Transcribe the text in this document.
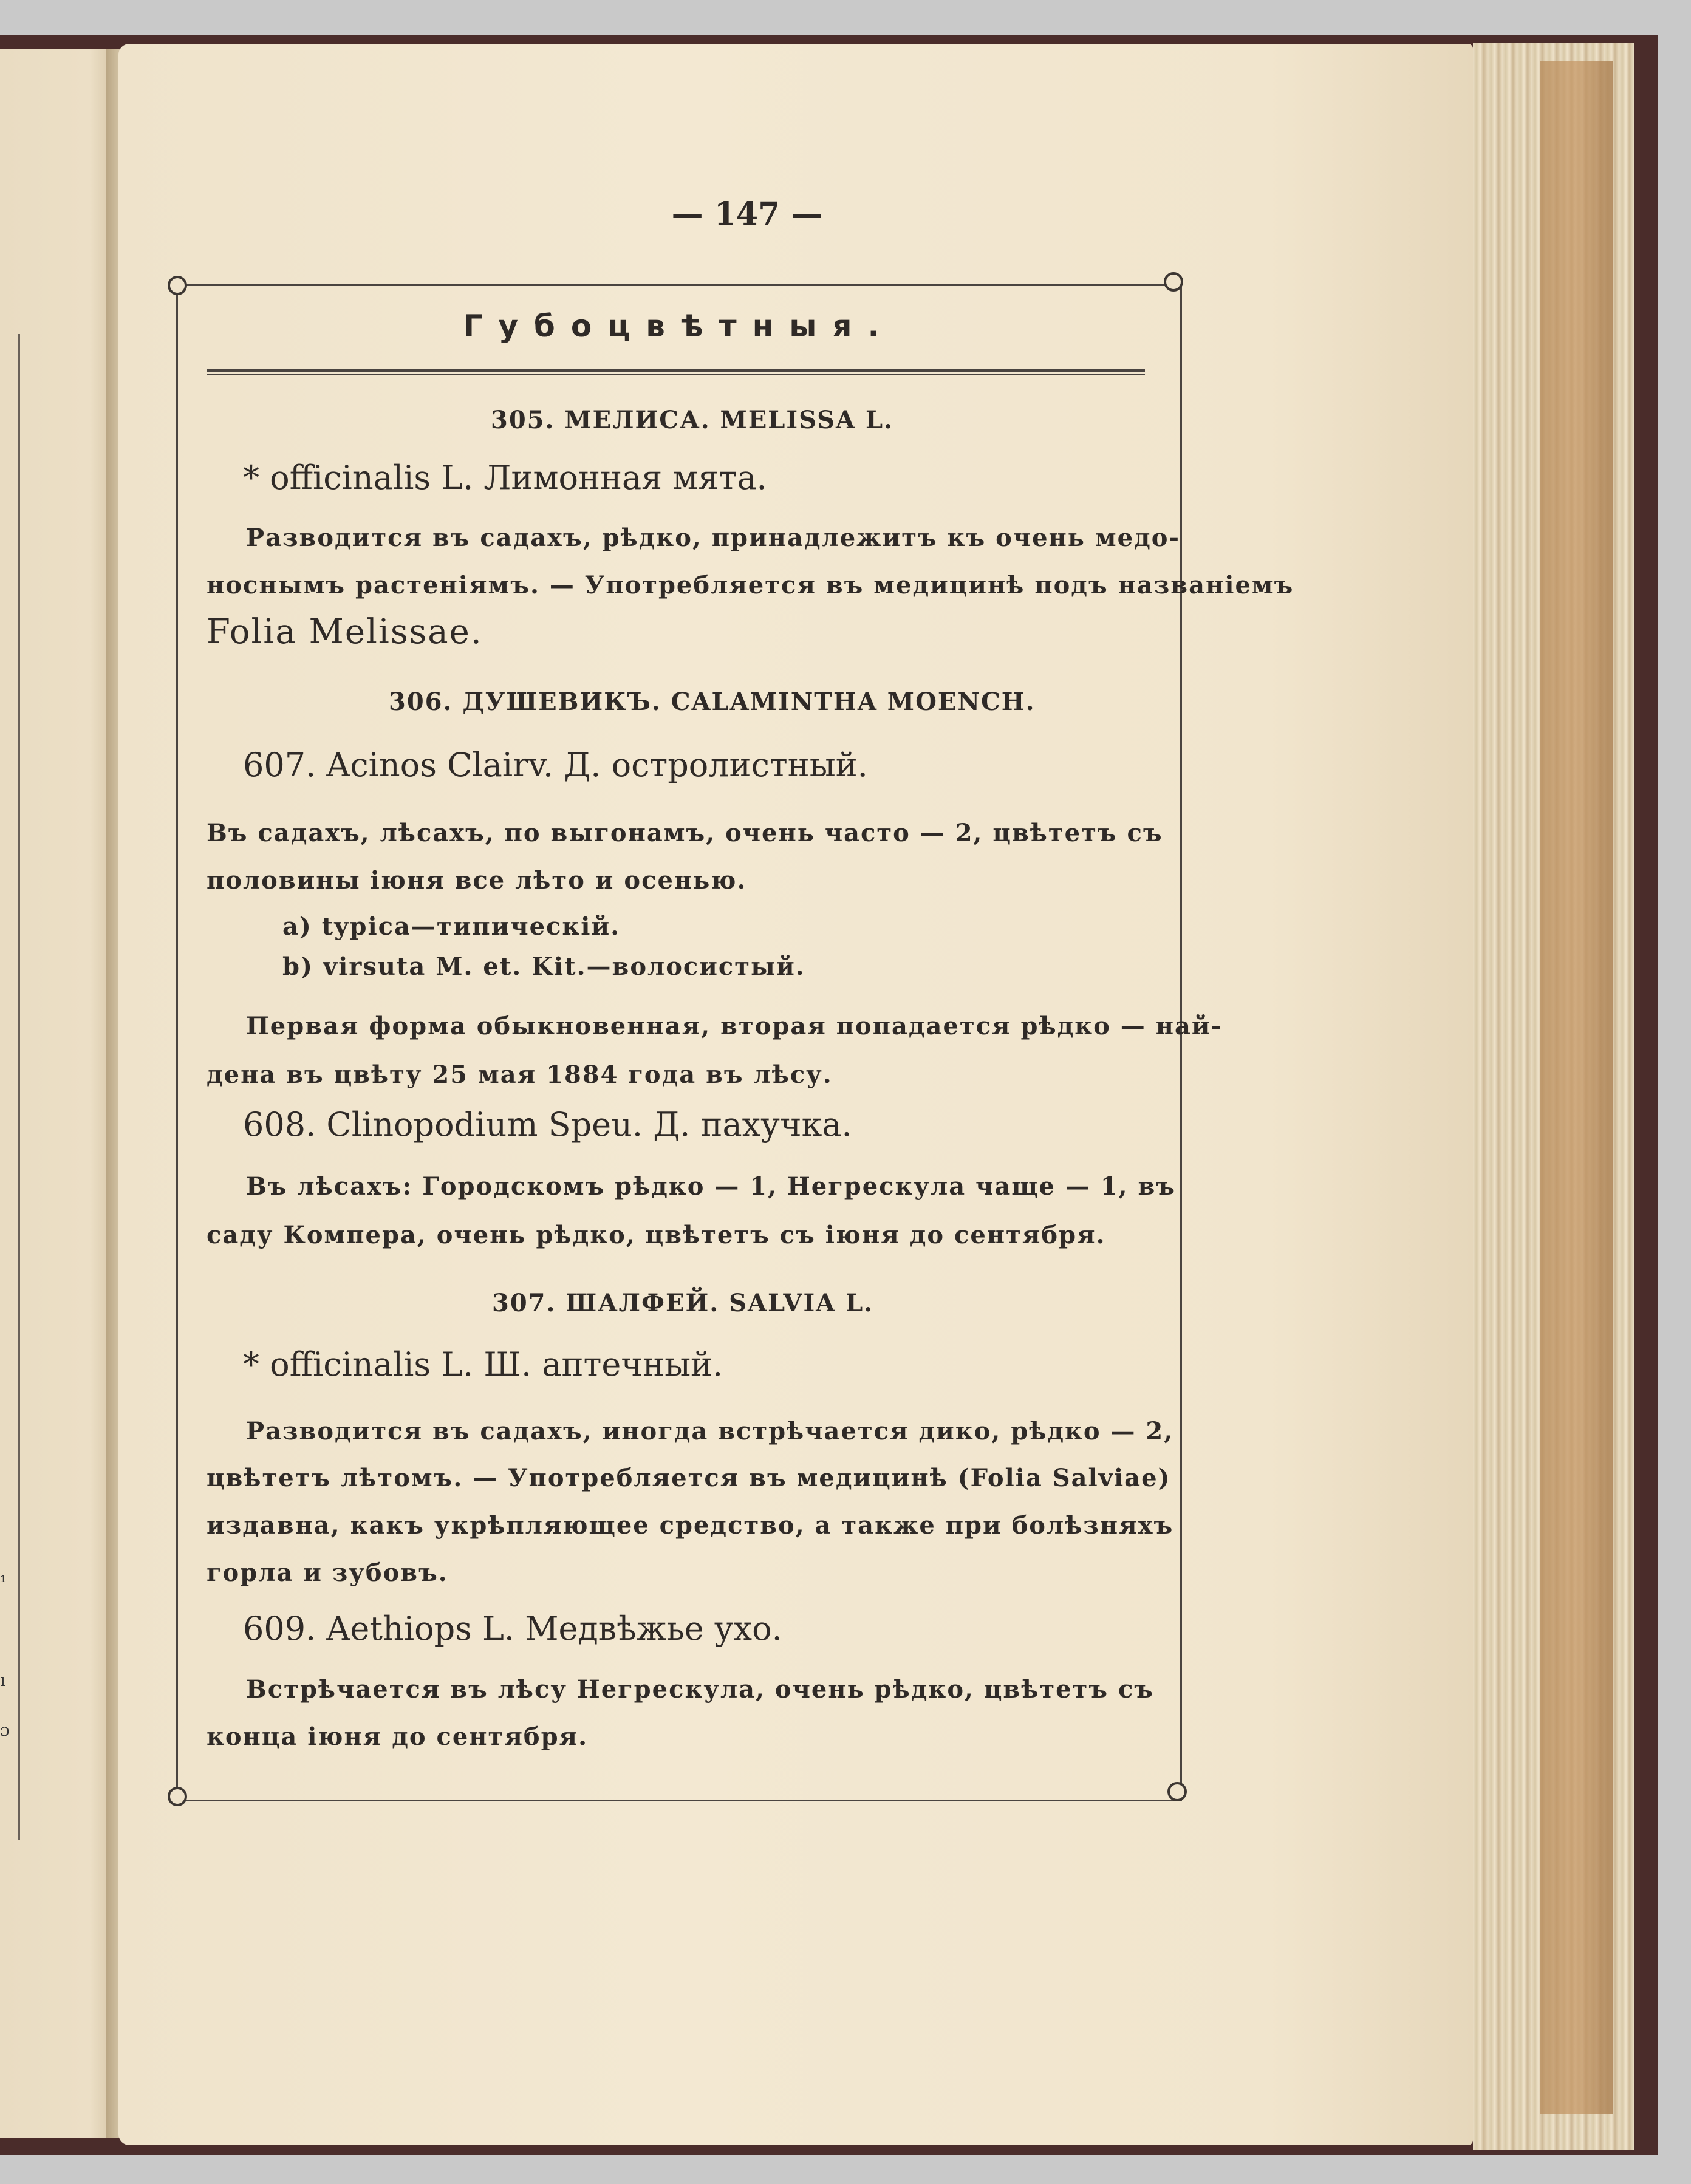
¹
ı
ɔ
— 147 —
Губоцвѣтныя.
305. МЕЛИСА. MELISSA L.
* officinalis L. Лимонная мята.
Разводится въ садахъ, рѣдко, принадлежитъ къ очень медо-
носнымъ растеніямъ. — Употребляется въ медицинѣ подъ названіемъ
Folia Melissae.
306. ДУШЕВИКЪ. CALAMINTHA MOENCH.
607. Acinos Clairv. Д. остролистный.
Въ садахъ, лѣсахъ, по выгонамъ, очень часто — 2, цвѣтетъ съ
половины іюня все лѣто и осенью.
a) typica—типическій.
b) virsuta M. et. Kit.—волосистый.
Первая форма обыкновенная, вторая попадается рѣдко — най-
дена въ цвѣту 25 мая 1884 года въ лѣсу.
608. Clinopodium Speu. Д. пахучка.
Въ лѣсахъ: Городскомъ рѣдко — 1, Негрескула чаще — 1, въ
саду Компера, очень рѣдко, цвѣтетъ съ іюня до сентября.
307. ШАЛФЕЙ. SALVIA L.
* officinalis L. Ш. аптечный.
Разводится въ садахъ, иногда встрѣчается дико, рѣдко — 2,
цвѣтетъ лѣтомъ. — Употребляется въ медицинѣ (Folia Salviae)
издавна, какъ укрѣпляющее средство, а также при болѣзняхъ
горла и зубовъ.
609. Aethiops L. Медвѣжье ухо.
Встрѣчается въ лѣсу Негрескула, очень рѣдко, цвѣтетъ съ
конца іюня до сентября.
